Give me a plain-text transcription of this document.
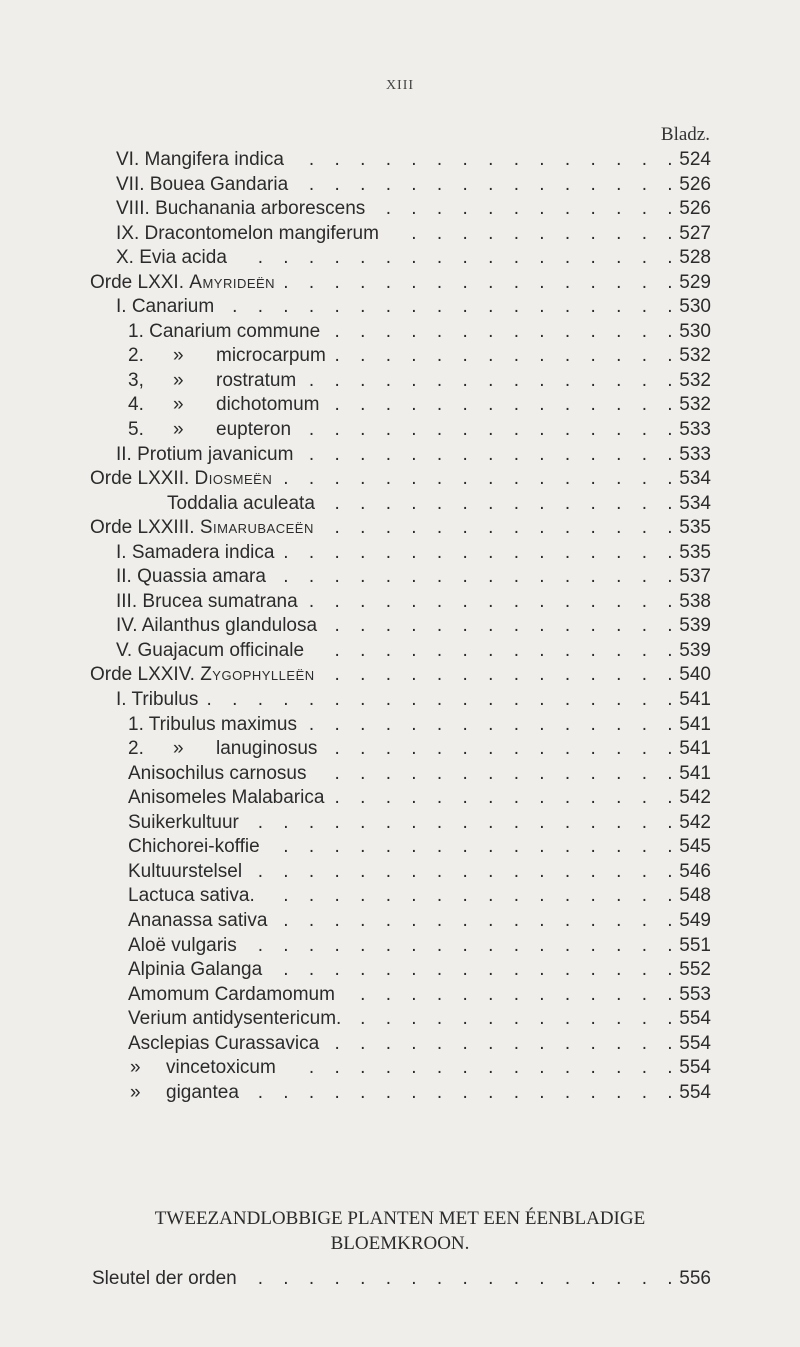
XIII
Bladz.
VI. Mangifera indica . . . . . . . . . . . . . . . 524
VII. Bouea Gandaria . . . . . . . . . . . . . . . 526
VIII. Buchanania arborescens . . . . . . . . . . . . 526
IX. Dracontomelon mangiferum . . . . . . . . . . . 527
X. Evia acida . . . . . . . . . . . . . . . . . 528
Orde LXXI. Amyrideën . . . . . . . . . . . . . . . . 529
I. Canarium . . . . . . . . . . . . . . . . . . 530
1. Canarium commune . . . . . . . . . . . . . . 530
2. » microcarpum . . . . . . . . . . . . . . 532
3, » rostratum . . . . . . . . . . . . . . . 532
4. » dichotomum . . . . . . . . . . . . . . 532
5. » eupteron . . . . . . . . . . . . . . . 533
II. Protium javanicum . . . . . . . . . . . . . . . 533
Orde LXXII. Diosmeën . . . . . . . . . . . . . . . . 534
Toddalia aculeata . . . . . . . . . . . . . . 534
Orde LXXIII. Simarubaceën . . . . . . . . . . . . . . 535
I. Samadera indica . . . . . . . . . . . . . . . . 535
II. Quassia amara . . . . . . . . . . . . . . . . 537
III. Brucea sumatrana . . . . . . . . . . . . . . . 538
IV. Ailanthus glandulosa . . . . . . . . . . . . . . 539
V. Guajacum officinale . . . . . . . . . . . . . . 539
Orde LXXIV. Zygophylleën . . . . . . . . . . . . . . 540
I. Tribulus . . . . . . . . . . . . . . . . . . . 541
1. Tribulus maximus . . . . . . . . . . . . . . . 541
2. » lanuginosus . . . . . . . . . . . . . . 541
Anisochilus carnosus . . . . . . . . . . . . . . 541
Anisomeles Malabarica . . . . . . . . . . . . . . 542
Suikerkultuur . . . . . . . . . . . . . . . . . 542
Chichorei-koffie . . . . . . . . . . . . . . . . 545
Kultuurstelsel . . . . . . . . . . . . . . . . . 546
Lactuca sativa. . . . . . . . . . . . . . . . . 548
Ananassa sativa . . . . . . . . . . . . . . . . 549
Aloë vulgaris . . . . . . . . . . . . . . . . . 551
Alpinia Galanga . . . . . . . . . . . . . . . . 552
Amomum Cardamomum . . . . . . . . . . . . . 553
Verium antidysentericum. . . . . . . . . . . . . . 554
Asclepias Curassavica . . . . . . . . . . . . . . 554
» vincetoxicum . . . . . . . . . . . . . . . 554
» gigantea . . . . . . . . . . . . . . . . . 554
TWEEZANDLOBBIGE PLANTEN MET EEN ÉENBLADIGE
BLOEMKROON.
Sleutel der orden . . . . . . . . . . . . . . . . . 556
